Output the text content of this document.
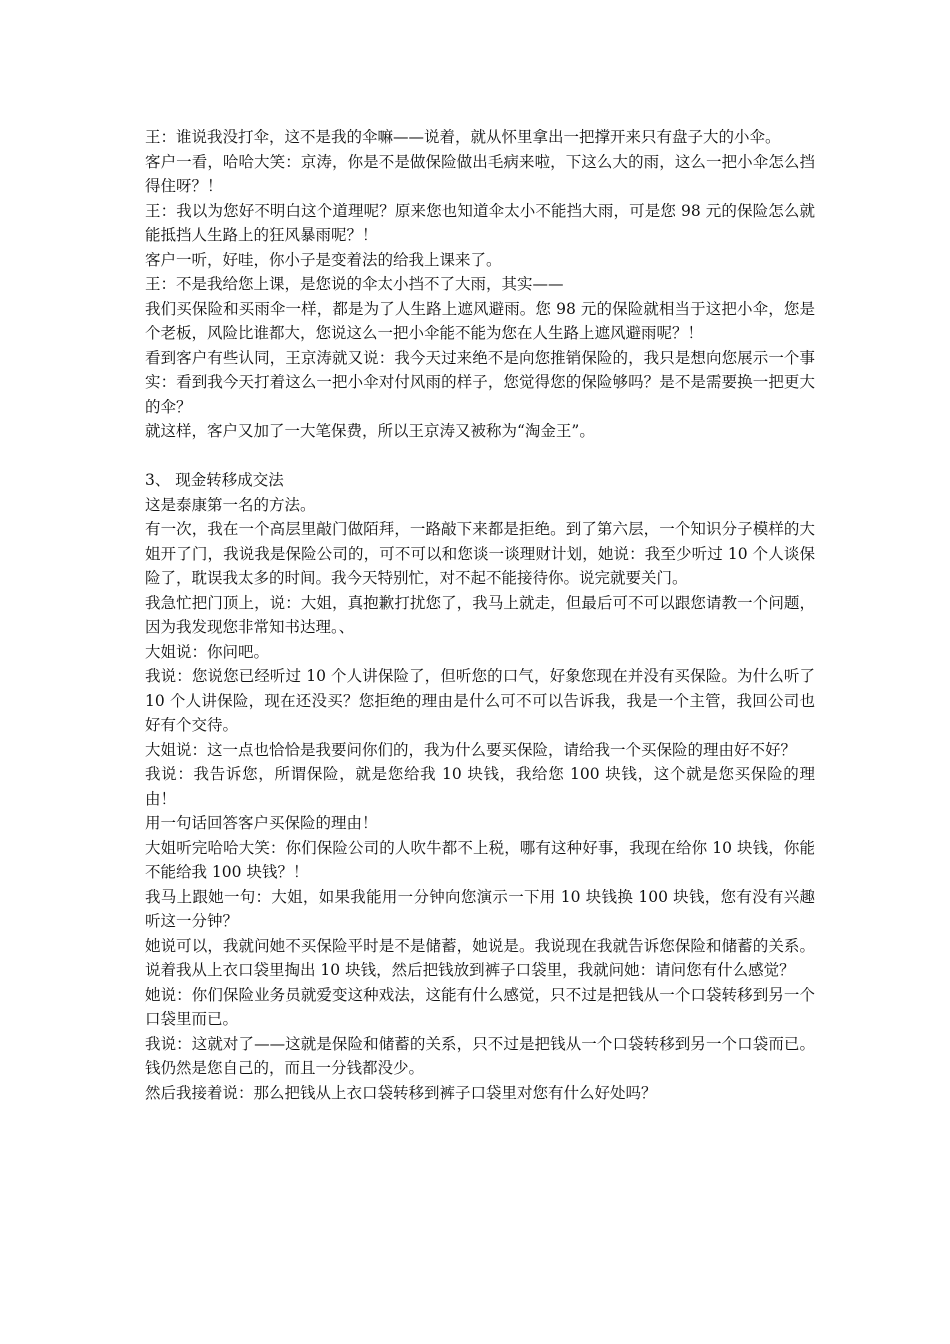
王：谁说我没打伞，这不是我的伞嘛——说着，就从怀里拿出一把撑开来只有盘子大的小伞。

客户一看，哈哈大笑：京涛，你是不是做保险做出毛病来啦，下这么大的雨，这么一把小伞怎么挡得住呀？！

王：我以为您好不明白这个道理呢？原来您也知道伞太小不能挡大雨，可是您 98 元的保险怎么就能抵挡人生路上的狂风暴雨呢？！

客户一听，好哇，你小子是变着法的给我上课来了。

王：不是我给您上课，是您说的伞太小挡不了大雨，其实——

我们买保险和买雨伞一样，都是为了人生路上遮风避雨。您 98 元的保险就相当于这把小伞，您是个老板，风险比谁都大，您说这么一把小伞能不能为您在人生路上遮风避雨呢？！

看到客户有些认同，王京涛就又说：我今天过来绝不是向您推销保险的，我只是想向您展示一个事实：看到我今天打着这么一把小伞对付风雨的样子，您觉得您的保险够吗？是不是需要换一把更大的伞？

就这样，客户又加了一大笔保费，所以王京涛又被称为“淘金王”。

3、 现金转移成交法

这是泰康第一名的方法。

有一次，我在一个高层里敲门做陌拜，一路敲下来都是拒绝。到了第六层，一个知识分子模样的大姐开了门，我说我是保险公司的，可不可以和您谈一谈理财计划，她说：我至少听过 10 个人谈保险了，耽误我太多的时间。我今天特别忙，对不起不能接待你。说完就要关门。

我急忙把门顶上，说：大姐，真抱歉打扰您了，我马上就走，但最后可不可以跟您请教一个问题，因为我发现您非常知书达理。、

大姐说：你问吧。

我说：您说您已经听过 10 个人讲保险了，但听您的口气，好象您现在并没有买保险。为什么听了 10 个人讲保险，现在还没买？您拒绝的理由是什么可不可以告诉我，我是一个主管，我回公司也好有个交待。

大姐说：这一点也恰恰是我要问你们的，我为什么要买保险，请给我一个买保险的理由好不好？

我说：我告诉您，所谓保险，就是您给我 10 块钱，我给您 100 块钱，这个就是您买保险的理由！

用一句话回答客户买保险的理由！

大姐听完哈哈大笑：你们保险公司的人吹牛都不上税，哪有这种好事，我现在给你 10 块钱，你能不能给我 100 块钱？！

我马上跟她一句：大姐，如果我能用一分钟向您演示一下用 10 块钱换 100 块钱，您有没有兴趣听这一分钟？

她说可以，我就问她不买保险平时是不是储蓄，她说是。我说现在我就告诉您保险和储蓄的关系。说着我从上衣口袋里掏出 10 块钱，然后把钱放到裤子口袋里，我就问她：请问您有什么感觉？

她说：你们保险业务员就爱变这种戏法，这能有什么感觉，只不过是把钱从一个口袋转移到另一个口袋里而已。

我说：这就对了——这就是保险和储蓄的关系，只不过是把钱从一个口袋转移到另一个口袋而已。钱仍然是您自己的，而且一分钱都没少。

然后我接着说：那么把钱从上衣口袋转移到裤子口袋里对您有什么好处吗？
